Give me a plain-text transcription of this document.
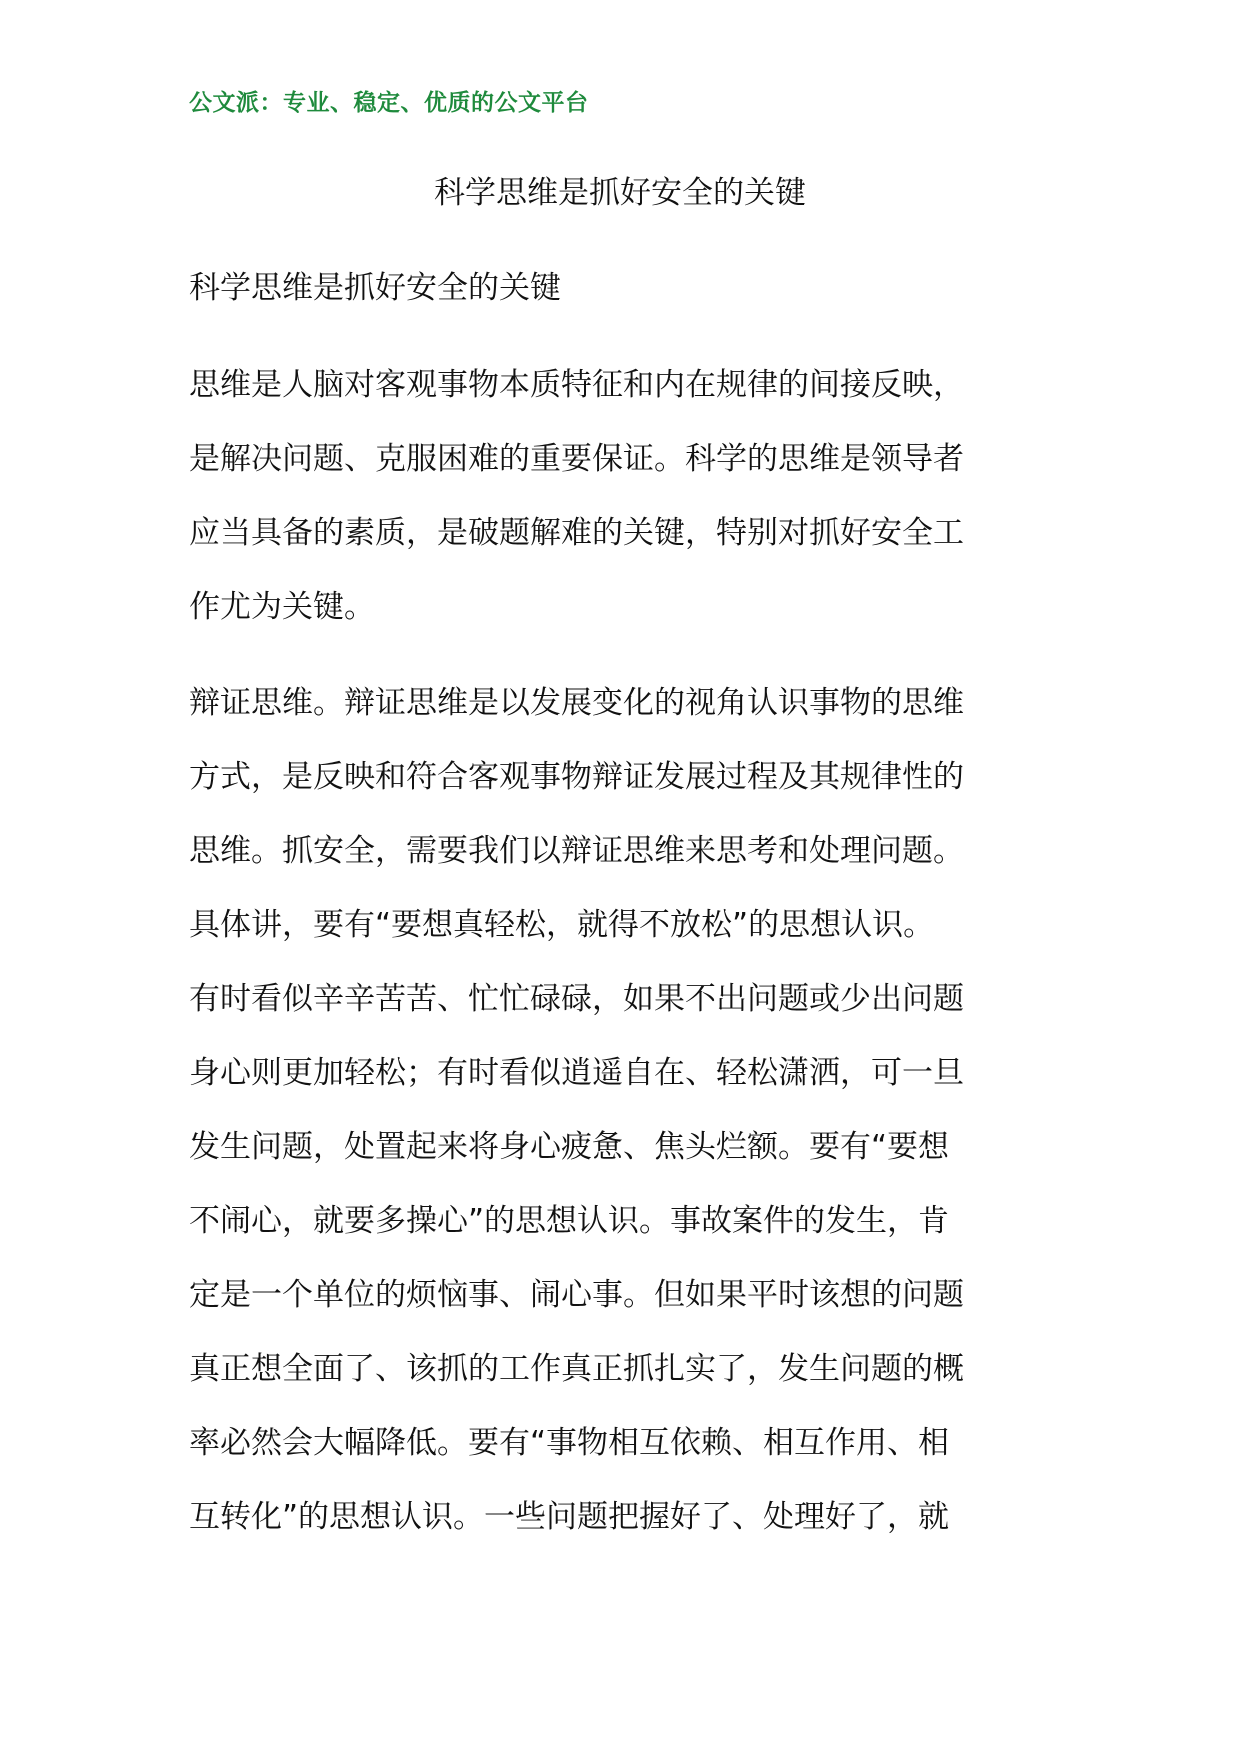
公文派：专业、稳定、优质的公文平台
科学思维是抓好安全的关键
科学思维是抓好安全的关键
思维是人脑对客观事物本质特征和内在规律的间接反映，
是解决问题、克服困难的重要保证。科学的思维是领导者
应当具备的素质，是破题解难的关键，特别对抓好安全工
作尤为关键。
辩证思维。辩证思维是以发展变化的视角认识事物的思维
方式，是反映和符合客观事物辩证发展过程及其规律性的
思维。抓安全，需要我们以辩证思维来思考和处理问题。
具体讲，要有“要想真轻松，就得不放松”的思想认识。
有时看似辛辛苦苦、忙忙碌碌，如果不出问题或少出问题
身心则更加轻松；有时看似逍遥自在、轻松潇洒，可一旦
发生问题，处置起来将身心疲惫、焦头烂额。要有“要想
不闹心，就要多操心”的思想认识。事故案件的发生，肯
定是一个单位的烦恼事、闹心事。但如果平时该想的问题
真正想全面了、该抓的工作真正抓扎实了，发生问题的概
率必然会大幅降低。要有“事物相互依赖、相互作用、相
互转化”的思想认识。一些问题把握好了、处理好了，就
